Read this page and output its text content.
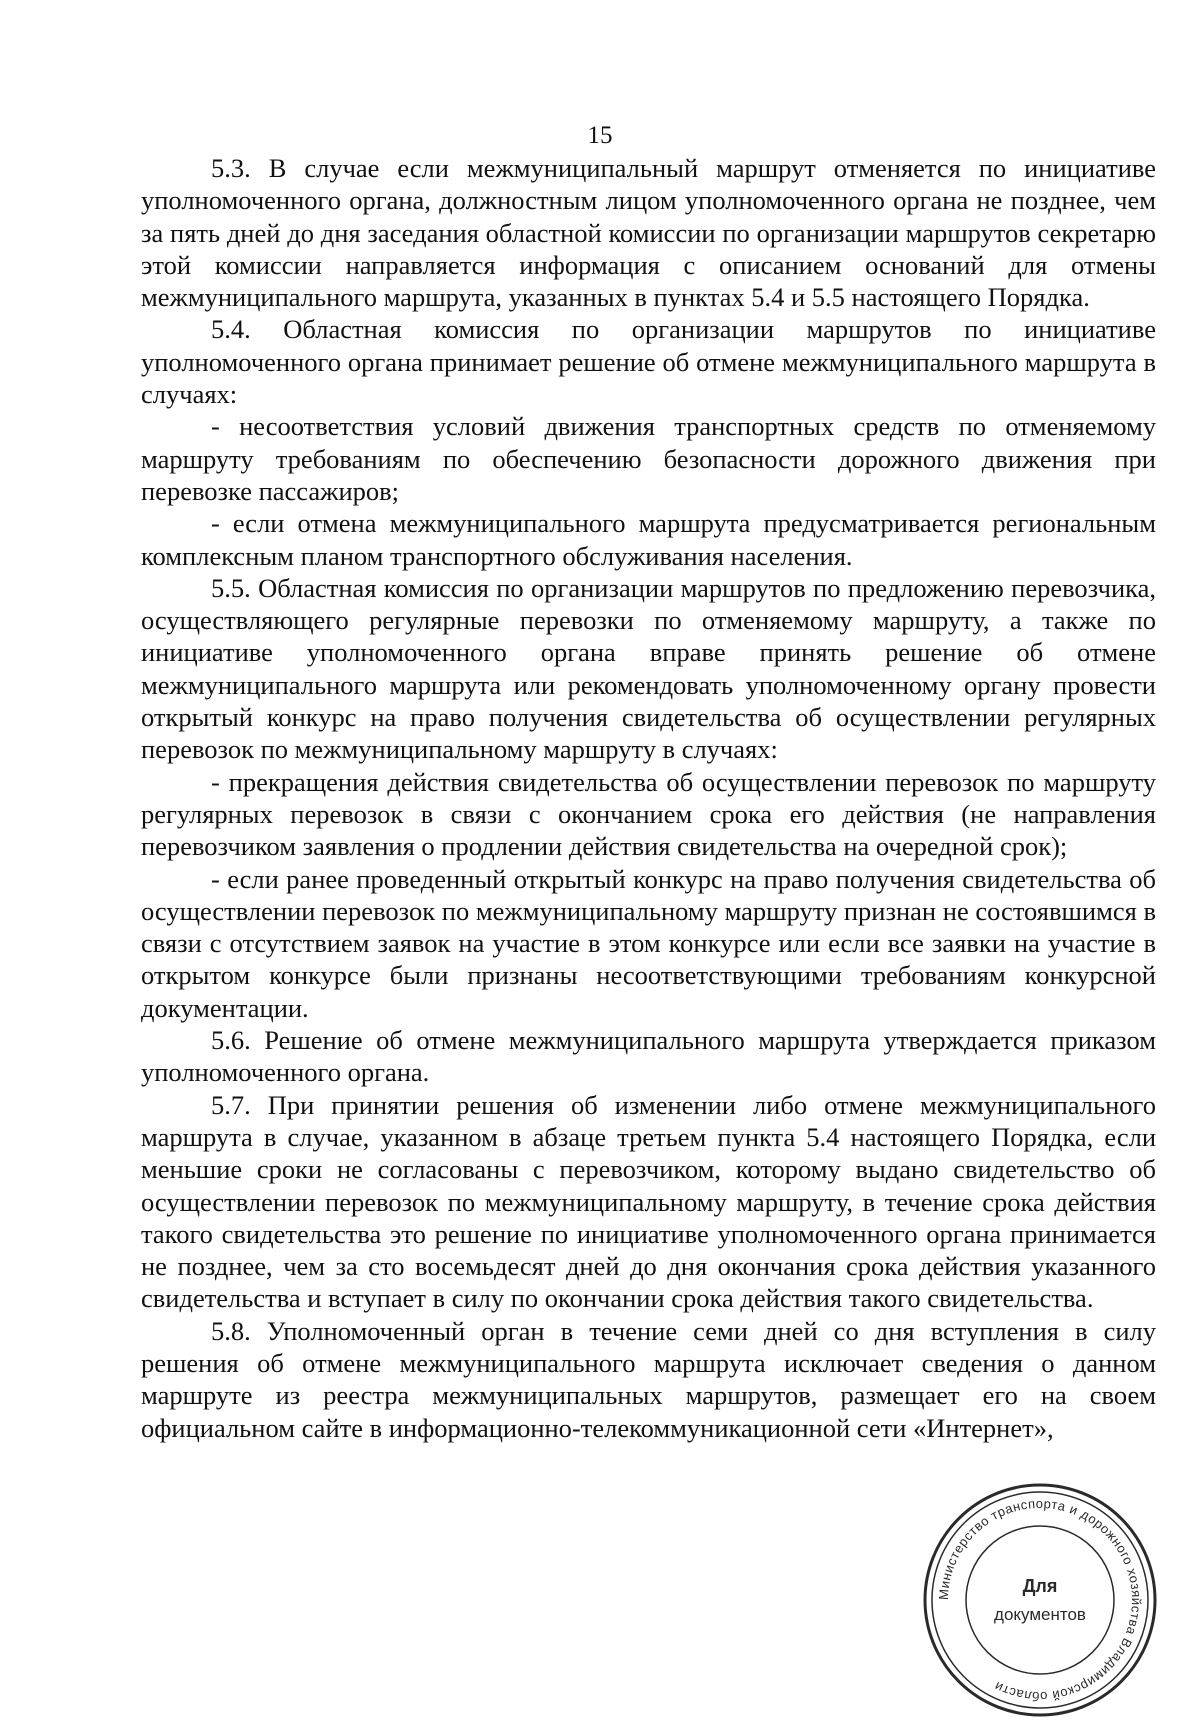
15

5.3. В случае если межмуниципальный маршрут отменяется по инициативе уполномоченного органа, должностным лицом уполномоченного органа не позднее, чем за пять дней до дня заседания областной комиссии по организации маршрутов секретарю этой комиссии направляется информация с описанием оснований для отмены межмуниципального маршрута, указанных в пунктах 5.4 и 5.5 настоящего Порядка.

5.4. Областная комиссия по организации маршрутов по инициативе уполномоченного органа принимает решение об отмене межмуниципального маршрута в случаях:

- несоответствия условий движения транспортных средств по отменяемому маршруту требованиям по обеспечению безопасности дорожного движения при перевозке пассажиров;

- если отмена межмуниципального маршрута предусматривается региональным комплексным планом транспортного обслуживания населения.

5.5. Областная комиссия по организации маршрутов по предложению перевозчика, осуществляющего регулярные перевозки по отменяемому маршруту, а также по инициативе уполномоченного органа вправе принять решение об отмене межмуниципального маршрута или рекомендовать уполномоченному органу провести открытый конкурс на право получения свидетельства об осуществлении регулярных перевозок по межмуниципальному маршруту в случаях:

- прекращения действия свидетельства об осуществлении перевозок по маршруту регулярных перевозок в связи с окончанием срока его действия (не направления перевозчиком заявления о продлении действия свидетельства на очередной срок);

- если ранее проведенный открытый конкурс на право получения свидетельства об осуществлении перевозок по межмуниципальному маршруту признан не состоявшимся в связи с отсутствием заявок на участие в этом конкурсе или если все заявки на участие в открытом конкурсе были признаны несоответствующими требованиям конкурсной документации.

5.6. Решение об отмене межмуниципального маршрута утверждается приказом уполномоченного органа.

5.7. При принятии решения об изменении либо отмене межмуниципального маршрута в случае, указанном в абзаце третьем пункта 5.4 настоящего Порядка, если меньшие сроки не согласованы с перевозчиком, которому выдано свидетельство об осуществлении перевозок по межмуниципальному маршруту, в течение срока действия такого свидетельства это решение по инициативе уполномоченного органа принимается не позднее, чем за сто восемьдесят дней до дня окончания срока действия указанного свидетельства и вступает в силу по окончании срока действия такого свидетельства.

5.8. Уполномоченный орган в течение семи дней со дня вступления в силу решения об отмене межмуниципального маршрута исключает сведения о данном маршруте из реестра межмуниципальных маршрутов, размещает его на своем официальном сайте в информационно-телекоммуникационной сети «Интернет»,

Министерство транспорта и дорожного хозяйства Владимирской области
Для
документов
